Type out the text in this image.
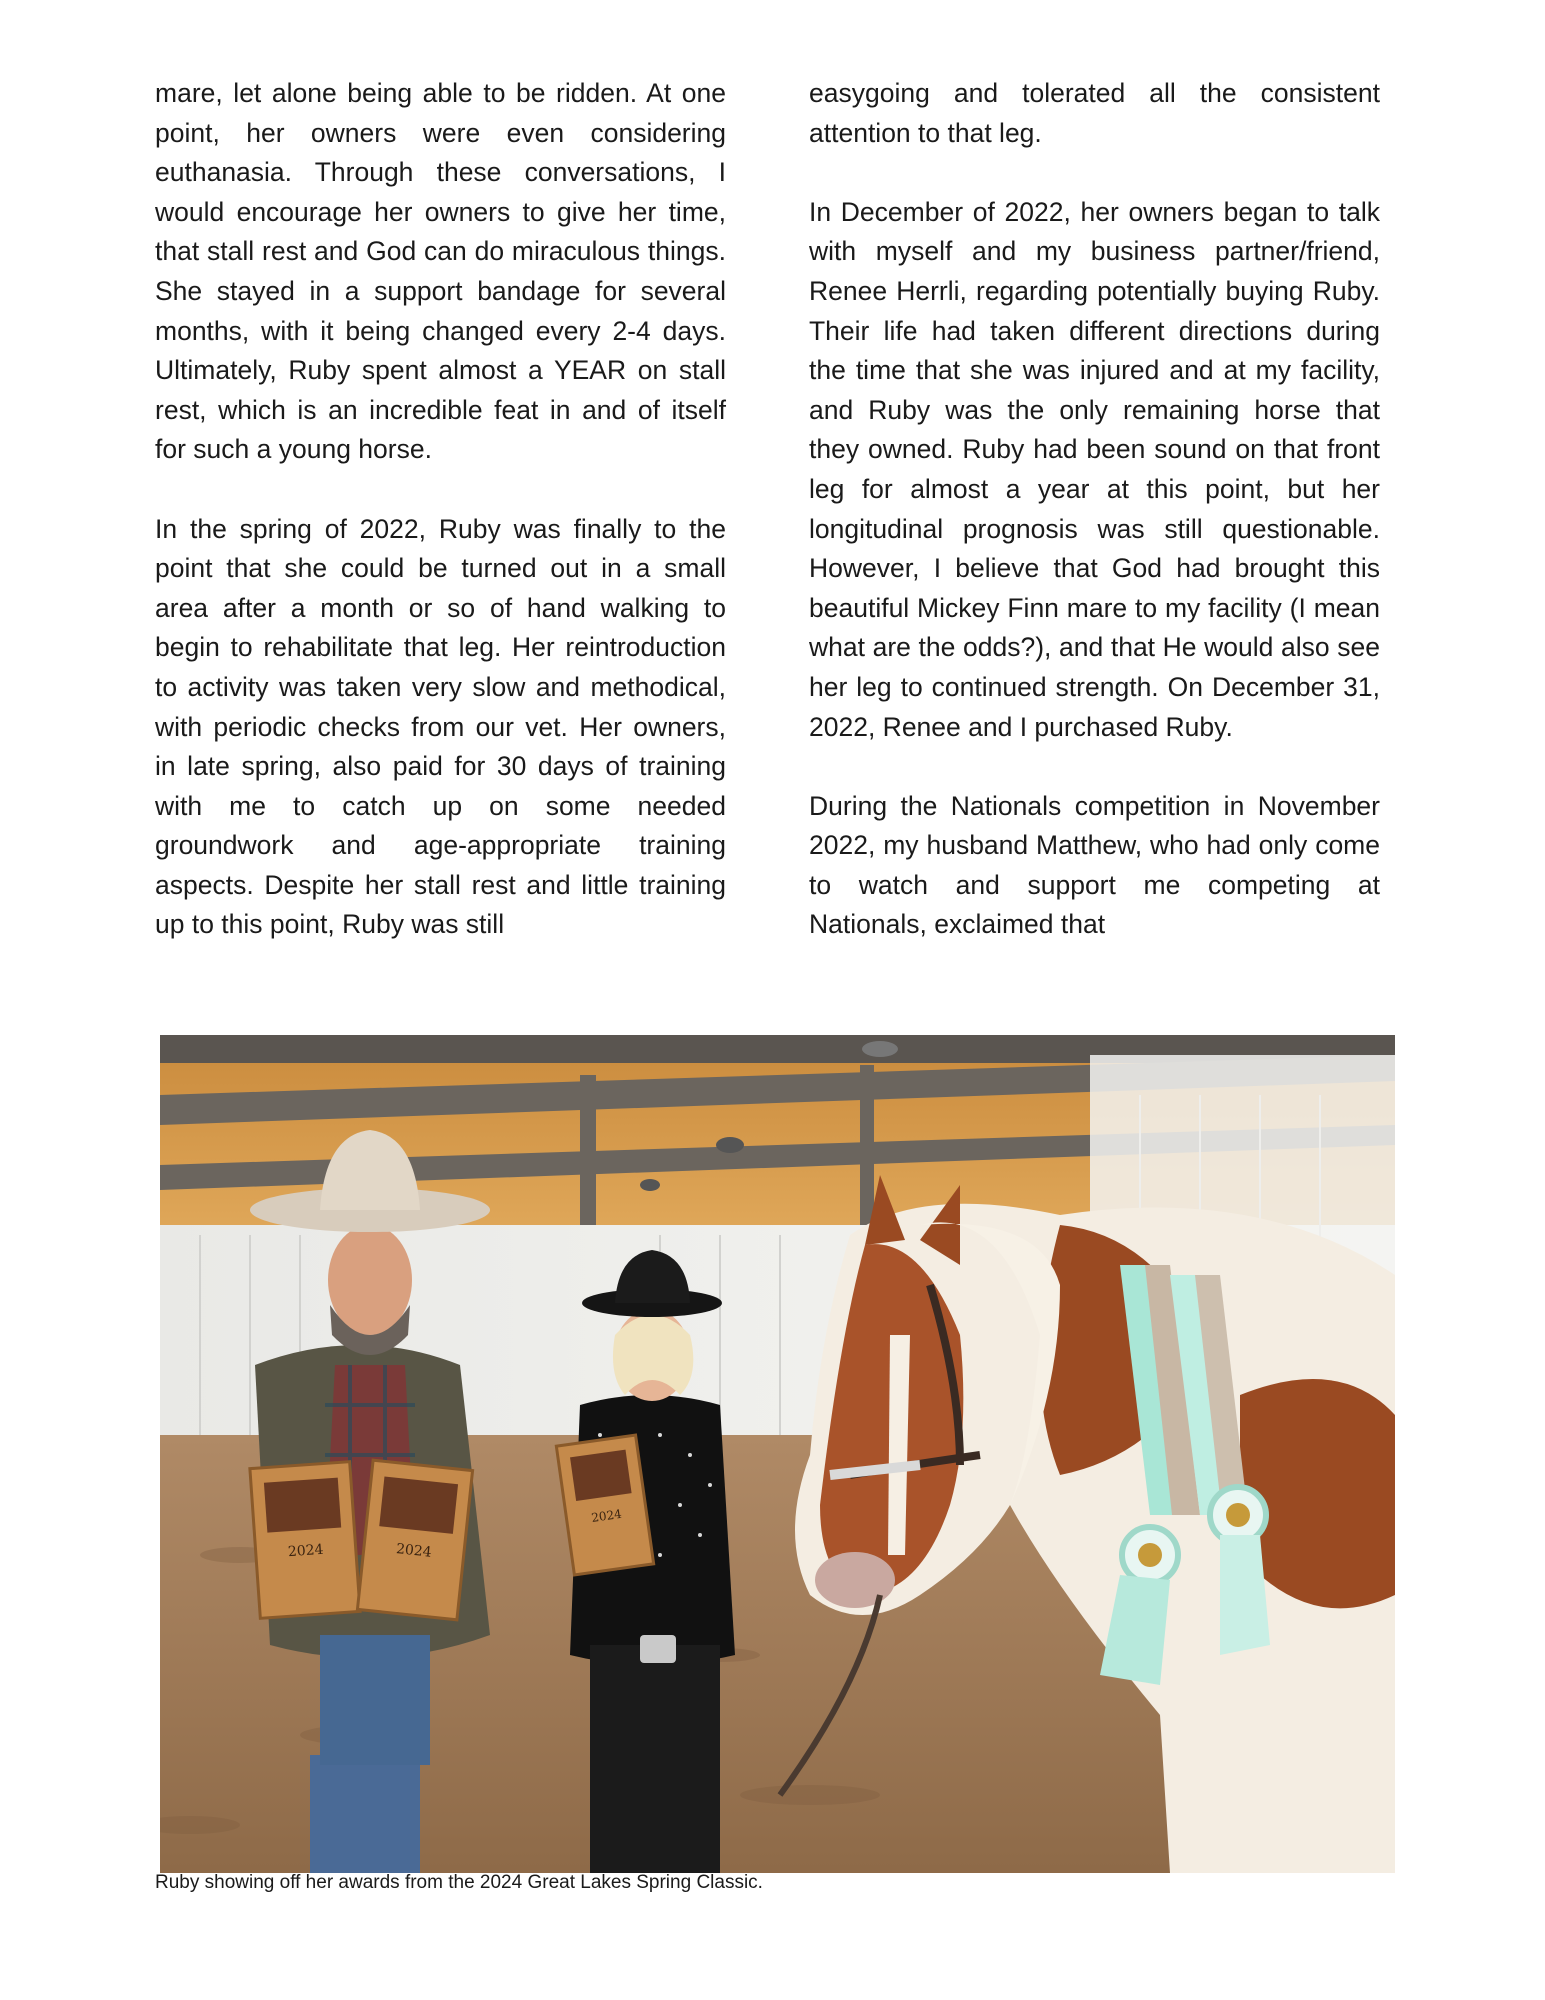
mare, let alone being able to be ridden. At one point, her owners were even considering euthanasia. Through these conversations, I would encourage her owners to give her time, that stall rest and God can do miraculous things. She stayed in a support bandage for several months, with it being changed every 2-4 days. Ultimately, Ruby spent almost a YEAR on stall rest, which is an incredible feat in and of itself for such a young horse.

In the spring of 2022, Ruby was finally to the point that she could be turned out in a small area after a month or so of hand walking to begin to rehabilitate that leg. Her reintroduction to activity was taken very slow and methodical, with periodic checks from our vet. Her owners, in late spring, also paid for 30 days of training with me to catch up on some needed groundwork and age-appropriate training aspects. Despite her stall rest and little training up to this point, Ruby was still

easygoing and tolerated all the consistent attention to that leg.

In December of 2022, her owners began to talk with myself and my business partner/friend, Renee Herrli, regarding potentially buying Ruby. Their life had taken different directions during the time that she was injured and at my facility, and Ruby was the only remaining horse that they owned. Ruby had been sound on that front leg for almost a year at this point, but her longitudinal prognosis was still questionable. However, I believe that God had brought this beautiful Mickey Finn mare to my facility (I mean what are the odds?), and that He would also see her leg to continued strength. On December 31, 2022, Renee and I purchased Ruby.

During the Nationals competition in November 2022, my husband Matthew, who had only come to watch and support me competing at Nationals, exclaimed that

2024	2024
2024
Ruby showing off her awards from the 2024 Great Lakes Spring Classic.
